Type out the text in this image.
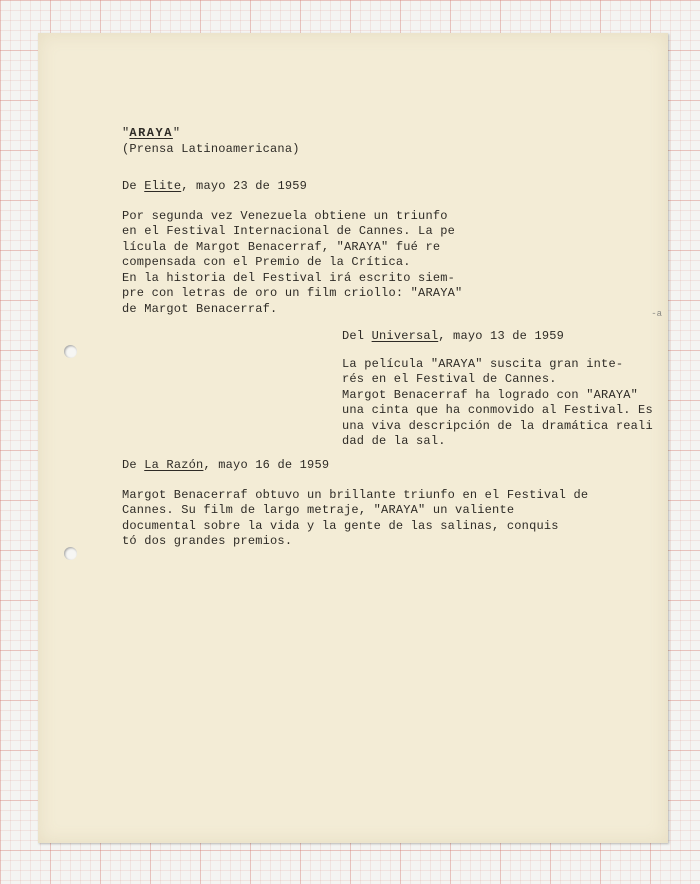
-a
"ARAYA"
(Prensa Latinoamericana)
De Elite, mayo 23 de 1959
Por segunda vez Venezuela obtiene un triunfo
en el Festival Internacional de Cannes. La pe
lícula de Margot Benacerraf, "ARAYA" fué re
compensada con el Premio de la Crítica.
En la historia del Festival irá escrito siem-
pre con letras de oro un film criollo: "ARAYA"
de Margot Benacerraf.
Del Universal, mayo 13 de 1959
La película "ARAYA" suscita gran inte-
rés en el Festival de Cannes.
Margot Benacerraf ha logrado con "ARAYA"
una cinta que ha conmovido al Festival. Es
una viva descripción de la dramática reali
dad de la sal.
De La Razón, mayo 16 de 1959
Margot Benacerraf obtuvo un brillante triunfo en el Festival de
Cannes. Su film de largo metraje, "ARAYA" un valiente
documental sobre la vida y la gente de las salinas, conquis
tó dos grandes premios.
